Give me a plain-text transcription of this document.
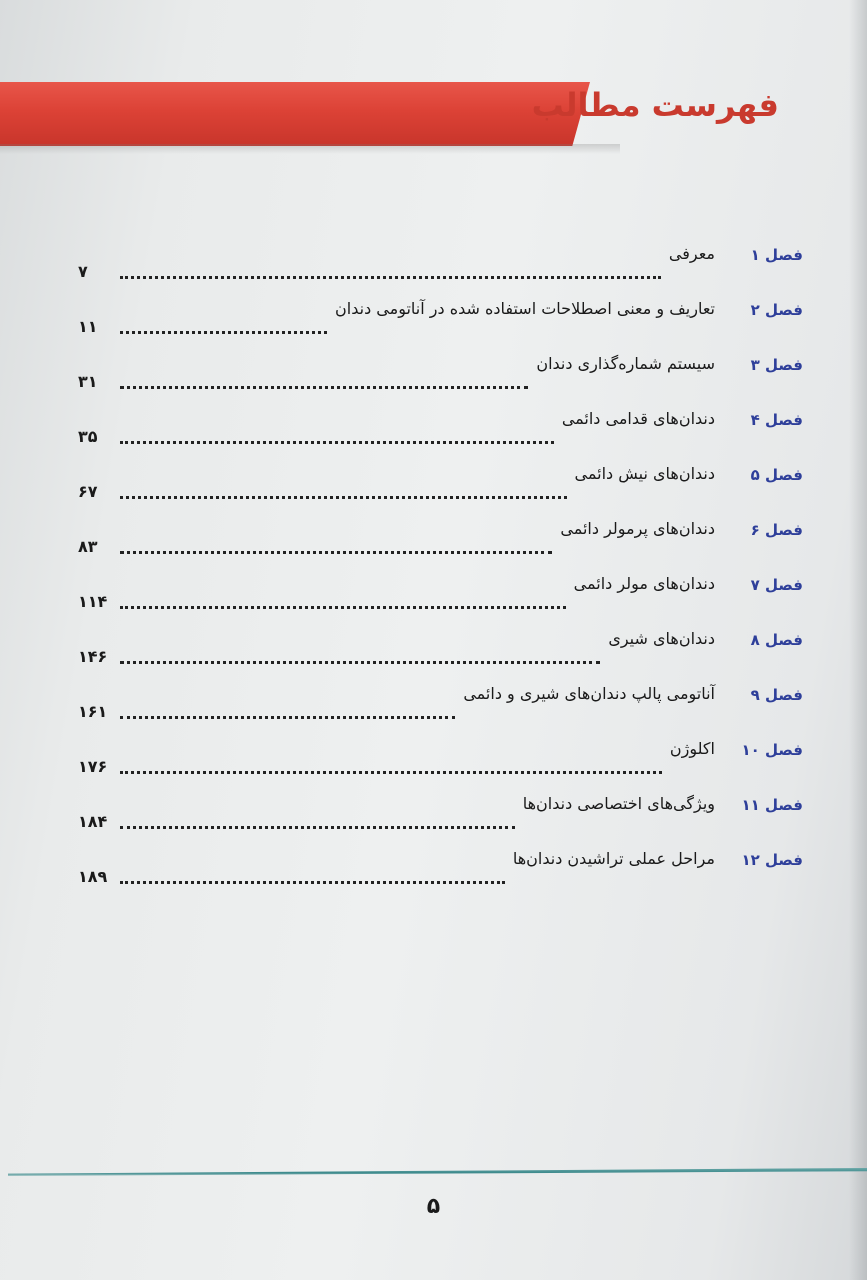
فهرست مطالب
فصل ۱
معرفی
۷
فصل ۲
تعاریف و معنی اصطلاحات استفاده شده در آناتومی دندان
۱۱
فصل ۳
سیستم شماره‌گذاری دندان
۳۱
فصل ۴
دندان‌های قدامی دائمی
۳۵
فصل ۵
دندان‌های نیش دائمی
۶۷
فصل ۶
دندان‌های پرمولر دائمی
۸۳
فصل ۷
دندان‌های مولر دائمی
۱۱۴
فصل ۸
دندان‌های شیری
۱۴۶
فصل ۹
آناتومی پالپ دندان‌های شیری و دائمی
۱۶۱
فصل ۱۰
اکلوژن
۱۷۶
فصل ۱۱
ویژگی‌های اختصاصی دندان‌ها
۱۸۴
فصل ۱۲
مراحل عملی تراشیدن دندان‌ها
۱۸۹
۵
